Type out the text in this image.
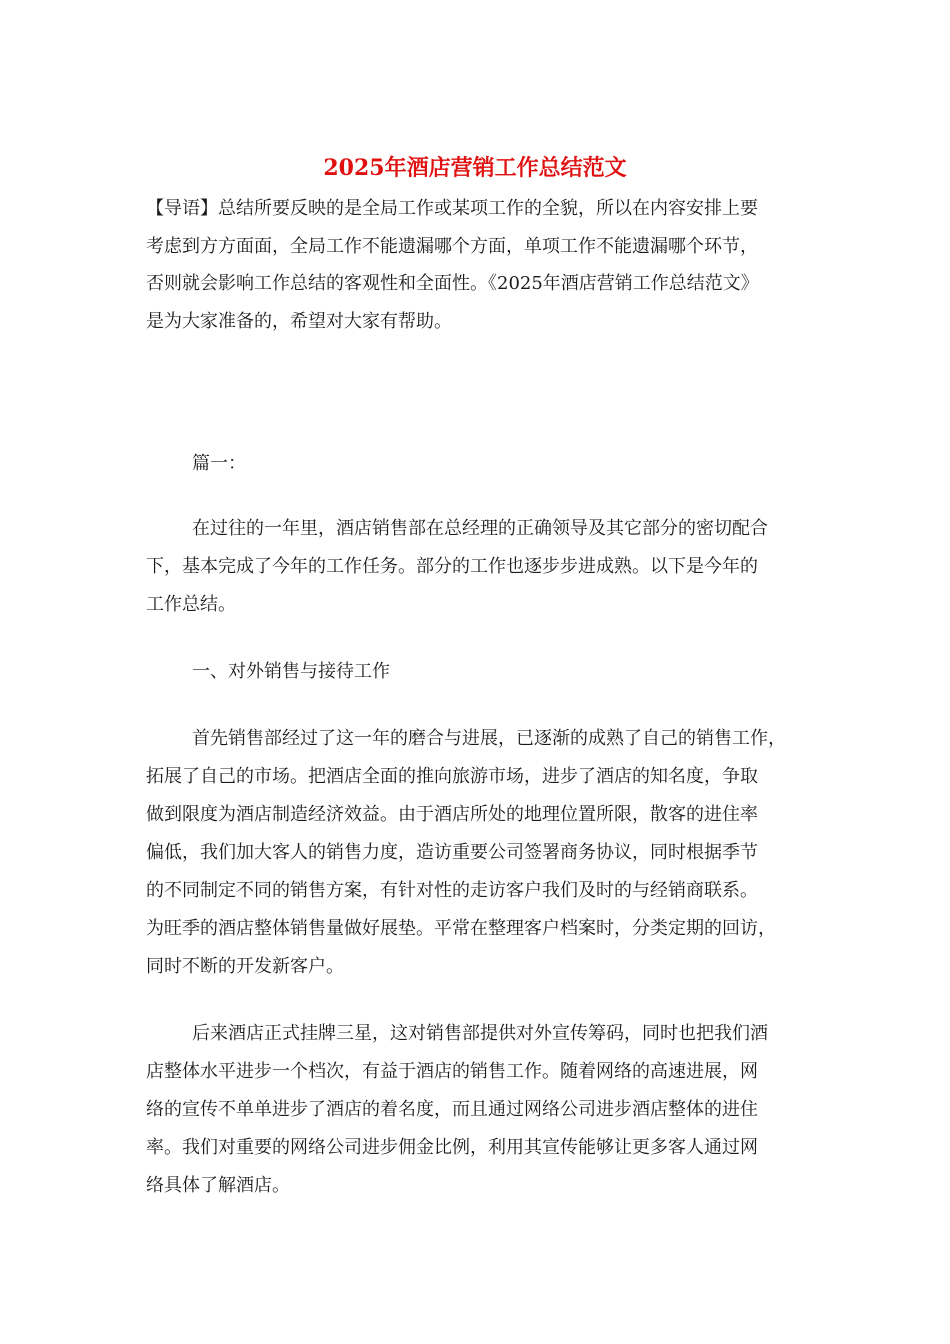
2025年酒店营销工作总结范文

【导语】总结所要反映的是全局工作或某项工作的全貌，所以在内容安排上要

考虑到方方面面，全局工作不能遗漏哪个方面，单项工作不能遗漏哪个环节，

否则就会影响工作总结的客观性和全面性。《2025年酒店营销工作总结范文》

是为大家准备的，希望对大家有帮助。

篇一：

在过往的一年里，酒店销售部在总经理的正确领导及其它部分的密切配合

下，基本完成了今年的工作任务。部分的工作也逐步步进成熟。以下是今年的

工作总结。

一、对外销售与接待工作

首先销售部经过了这一年的磨合与进展，已逐渐的成熟了自己的销售工作，

拓展了自己的市场。把酒店全面的推向旅游市场，进步了酒店的知名度，争取

做到限度为酒店制造经济效益。由于酒店所处的地理位置所限，散客的进住率

偏低，我们加大客人的销售力度，造访重要公司签署商务协议，同时根据季节

的不同制定不同的销售方案，有针对性的走访客户我们及时的与经销商联系。

为旺季的酒店整体销售量做好展垫。平常在整理客户档案时，分类定期的回访，

同时不断的开发新客户。

后来酒店正式挂牌三星，这对销售部提供对外宣传筹码，同时也把我们酒

店整体水平进步一个档次，有益于酒店的销售工作。随着网络的高速进展，网

络的宣传不单单进步了酒店的着名度，而且通过网络公司进步酒店整体的进住

率。我们对重要的网络公司进步佣金比例，利用其宣传能够让更多客人通过网

络具体了解酒店。
